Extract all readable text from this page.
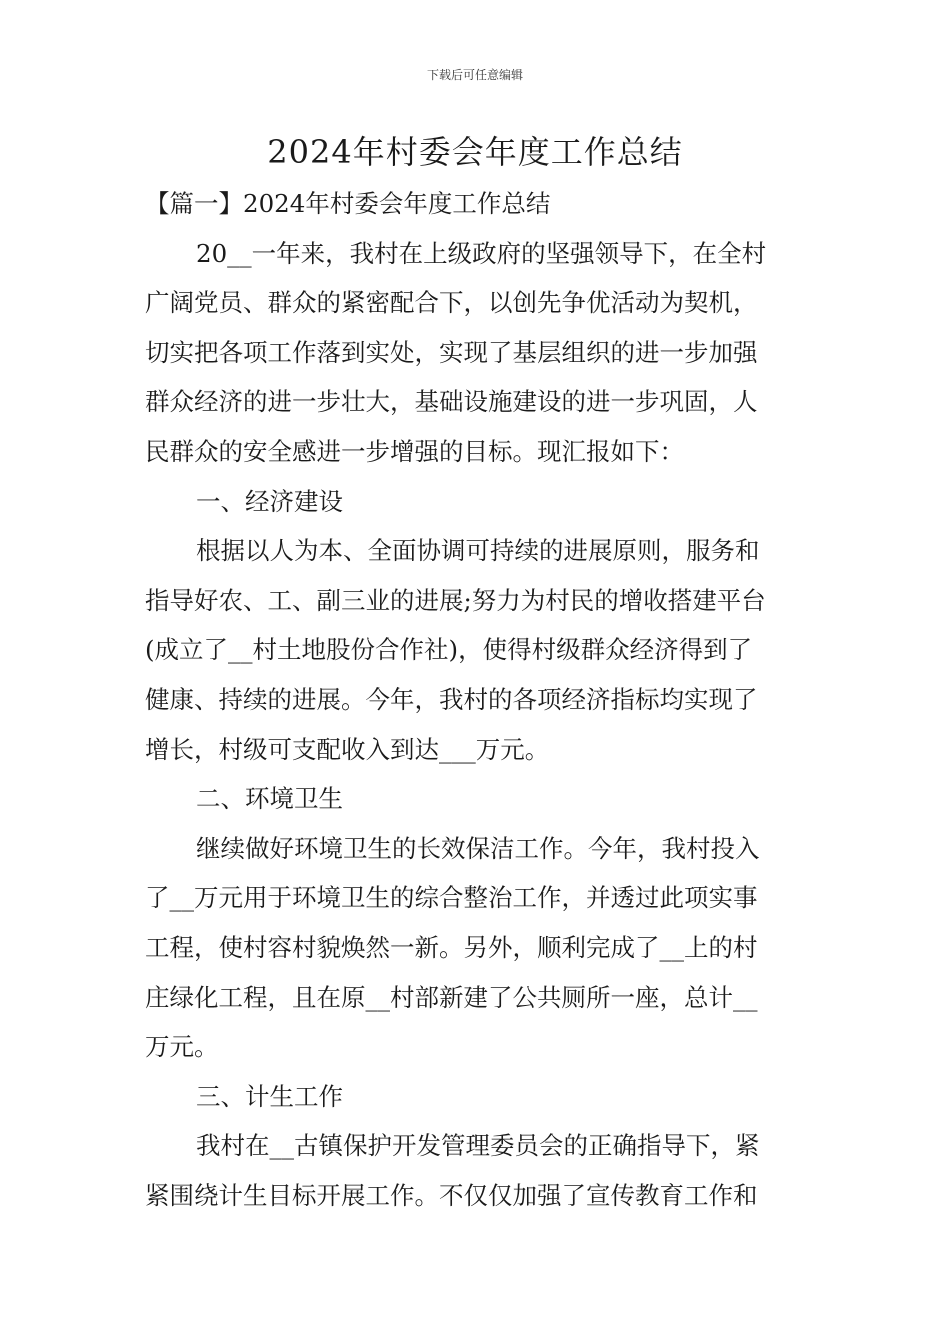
下载后可任意编辑
2024年村委会年度工作总结
【篇一】2024年村委会年度工作总结
20__一年来，我村在上级政府的坚强领导下，在全村
广阔党员、群众的紧密配合下，以创先争优活动为契机，
切实把各项工作落到实处，实现了基层组织的进一步加强
群众经济的进一步壮大，基础设施建设的进一步巩固，人
民群众的安全感进一步增强的目标。现汇报如下：
一、经济建设
根据以人为本、全面协调可持续的进展原则，服务和
指导好农、工、副三业的进展;努力为村民的增收搭建平台
(成立了__村土地股份合作社)，使得村级群众经济得到了
健康、持续的进展。今年，我村的各项经济指标均实现了
增长，村级可支配收入到达___万元。
二、环境卫生
继续做好环境卫生的长效保洁工作。今年，我村投入
了__万元用于环境卫生的综合整治工作，并透过此项实事
工程，使村容村貌焕然一新。另外，顺利完成了__上的村
庄绿化工程，且在原__村部新建了公共厕所一座，总计__
万元。
三、计生工作
我村在__古镇保护开发管理委员会的正确指导下，紧
紧围绕计生目标开展工作。不仅仅加强了宣传教育工作和
